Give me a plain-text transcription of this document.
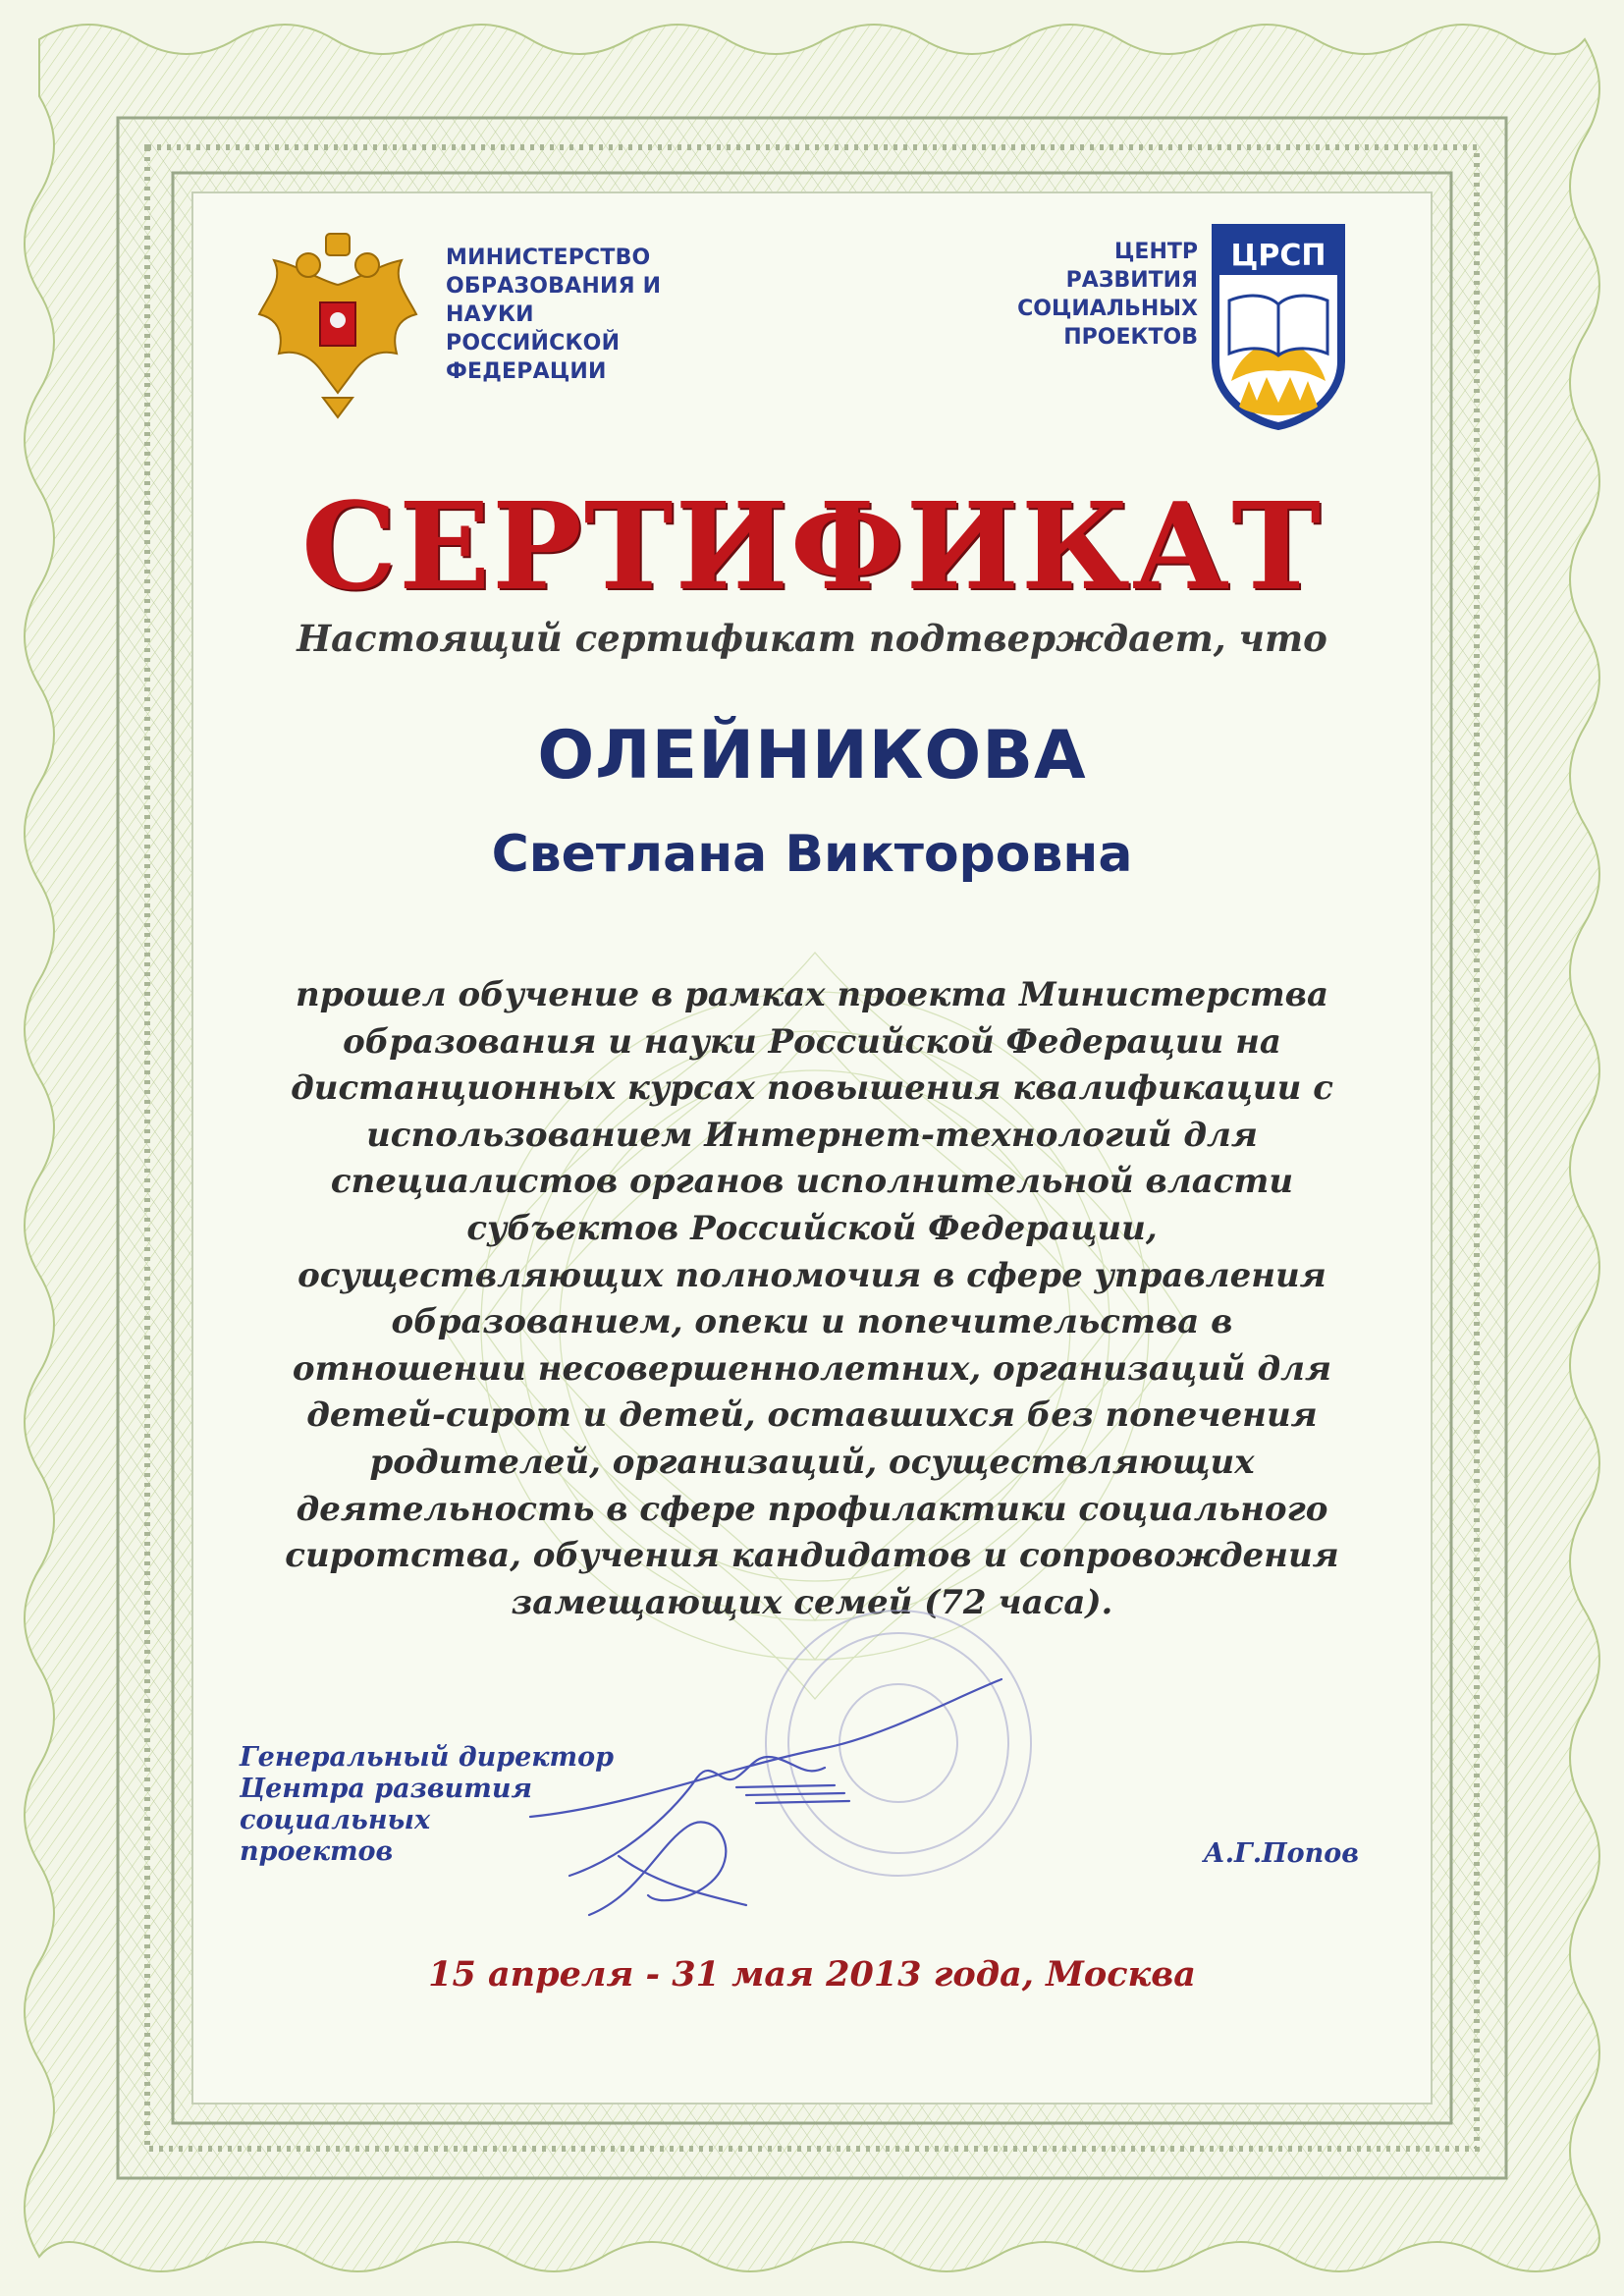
МИНИСТЕРСТВО
ОБРАЗОВАНИЯ И НАУКИ
РОССИЙСКОЙ
ФЕДЕРАЦИИ
ЦЕНТР РАЗВИТИЯ
СОЦИАЛЬНЫХ
ПРОЕКТОВ
ЦРСП
СЕРТИФИКАТ
Настоящий сертификат подтверждает, что
ОЛЕЙНИКОВА
Светлана Викторовна
прошел обучение в рамках проекта Министерства
образования и науки Российской Федерации на
дистанционных курсах повышения квалификации с
использованием Интернет-технологий для
специалистов органов исполнительной власти
субъектов Российской Федерации,
осуществляющих полномочия в сфере управления
образованием, опеки и попечительства в
отношении несовершеннолетних, организаций для
детей-сирот и детей, оставшихся без попечения
родителей, организаций, осуществляющих
деятельность в сфере профилактики социального
сиротства, обучения кандидатов и сопровождения
замещающих семей (72 часа).
Генеральный директор
Центра развития
социальных
проектов	А.Г.Попов
15 апреля - 31 мая 2013 года, Москва
